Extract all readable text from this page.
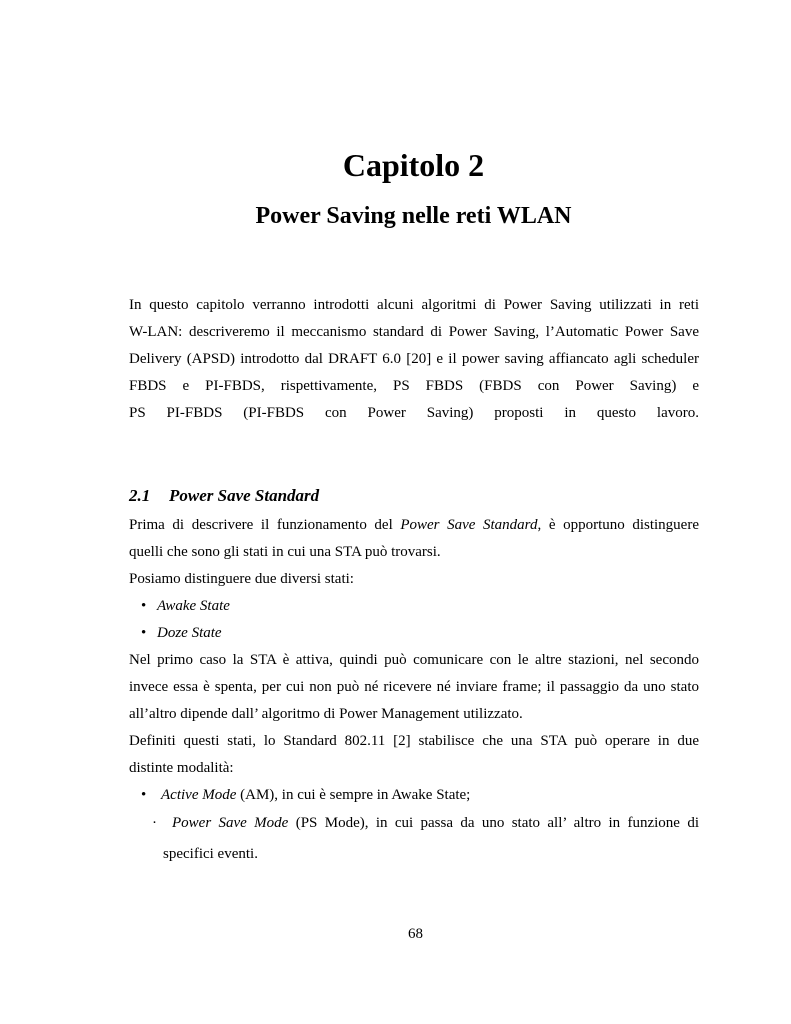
Capitolo 2
Power Saving nelle reti WLAN
In questo capitolo verranno introdotti alcuni algoritmi di Power Saving utilizzati in reti
W-LAN: descriveremo il meccanismo standard di Power Saving, l’Automatic Power Save
Delivery (APSD) introdotto dal DRAFT 6.0 [20] e il power saving affiancato agli scheduler
FBDS e PI-FBDS, rispettivamente, PS FBDS (FBDS con Power Saving) e
PS PI-FBDS (PI-FBDS con Power Saving) proposti in questo lavoro.
2.1 Power Save Standard
Prima di descrivere il funzionamento del Power Save Standard, è opportuno distinguere
quelli che sono gli stati in cui una STA può trovarsi.
Posiamo distinguere due diversi stati:
• Awake State
• Doze State
Nel primo caso la STA è attiva, quindi può comunicare con le altre stazioni, nel secondo
invece essa è spenta, per cui non può né ricevere né inviare frame; il passaggio da uno stato
all’altro dipende dall’ algoritmo di Power Management utilizzato.
Definiti questi stati, lo Standard 802.11 [2] stabilisce che una STA può operare in due
distinte modalità:
• Active Mode (AM), in cui è sempre in Awake State;
· Power Save Mode (PS Mode), in cui passa da uno stato all’ altro in funzione di
specifici eventi.
68
